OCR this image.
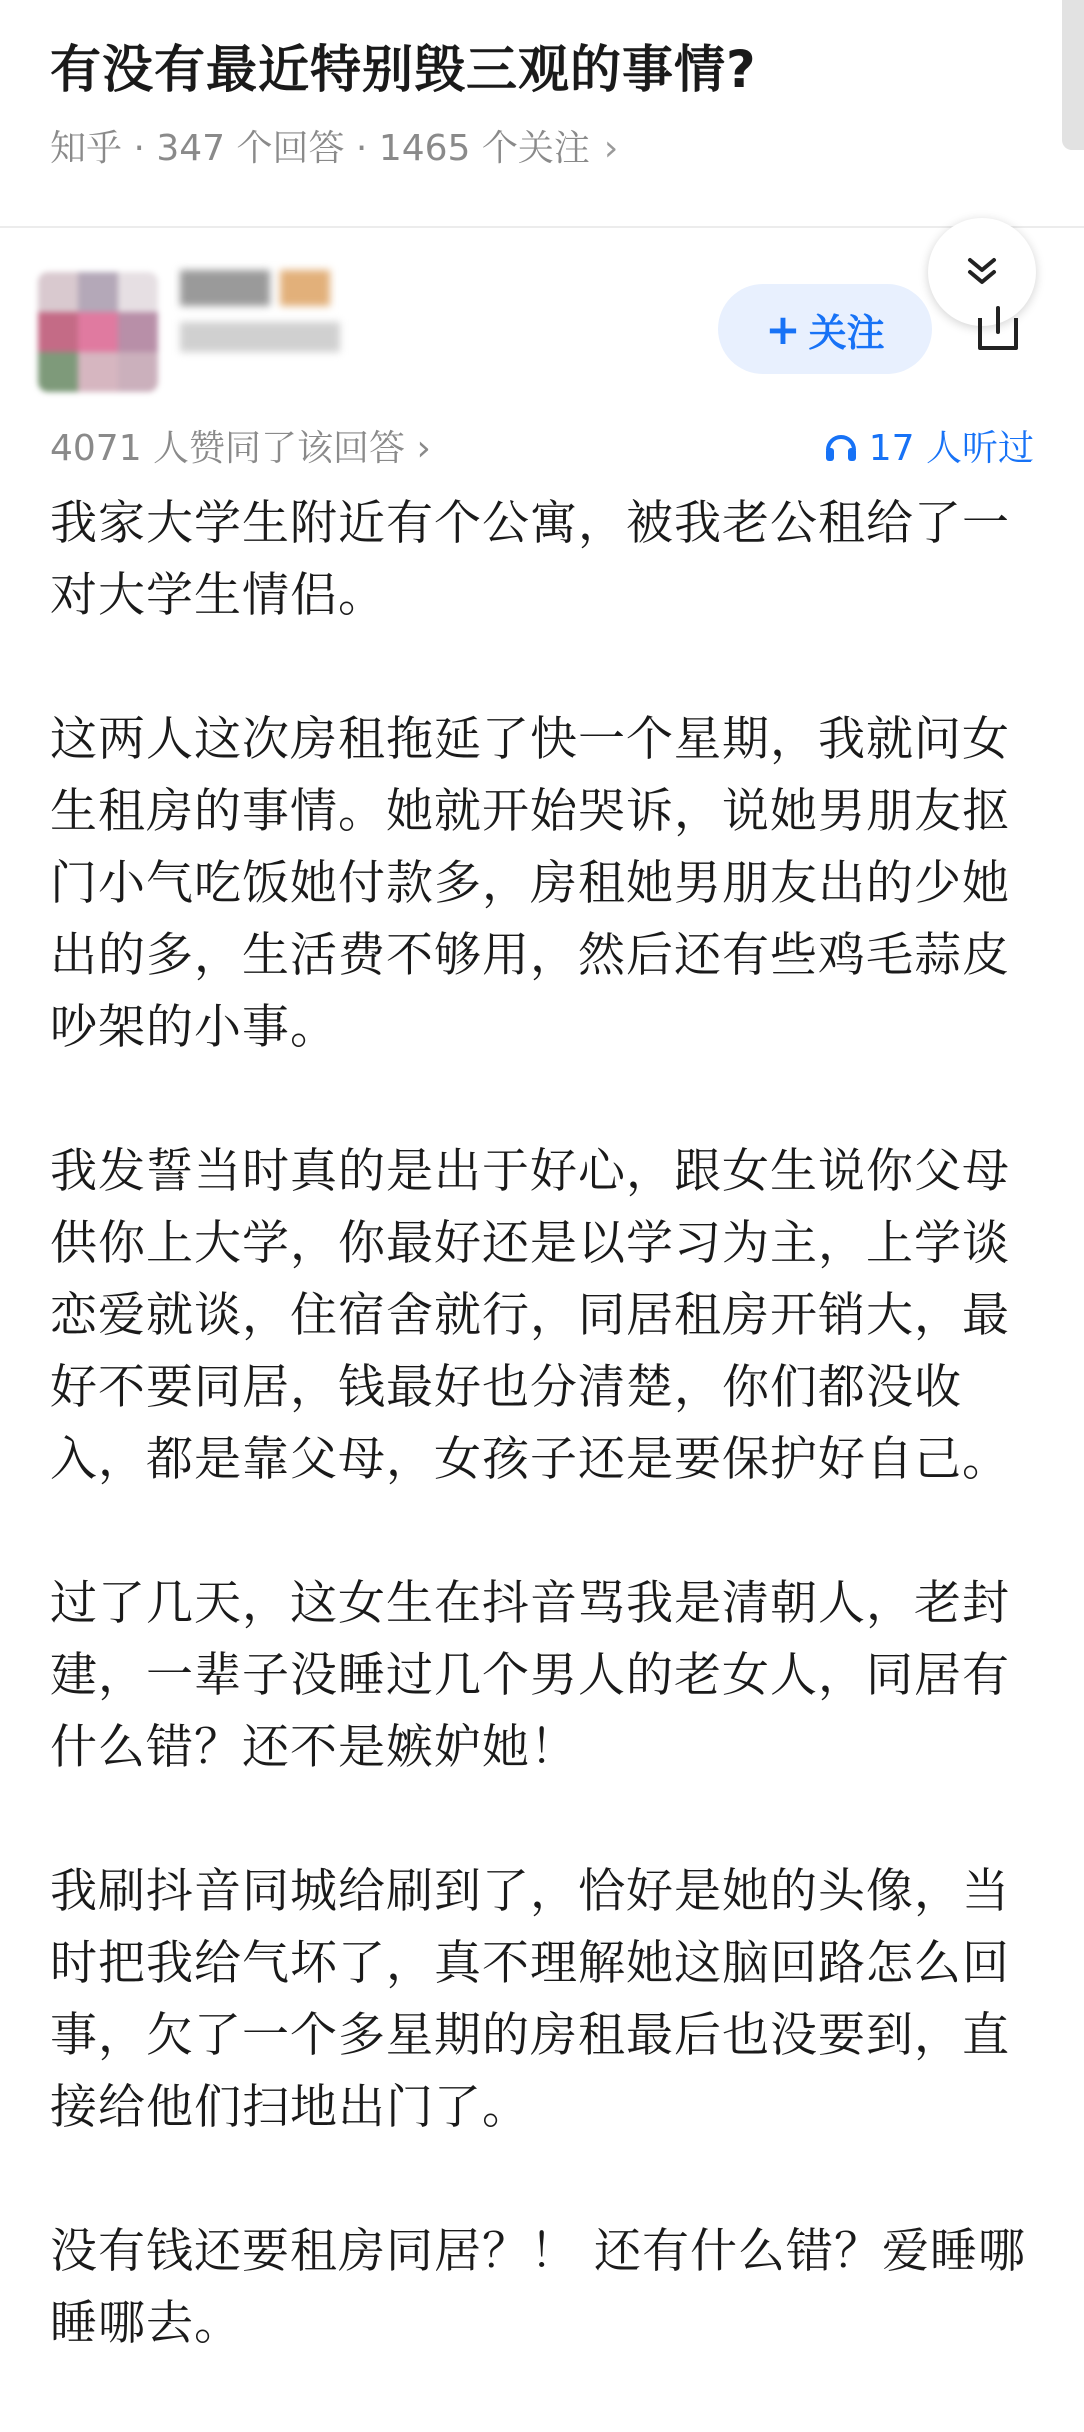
有没有最近特别毁三观的事情?
知乎 · 347 个回答 · 1465 个关注 ›
+ 关注
4071 人赞同了该回答 ›	17 人听过

我家大学生附近有个公寓，被我老公租给了一对大学生情侣。

这两人这次房租拖延了快一个星期，我就问女生租房的事情。她就开始哭诉，说她男朋友抠门小气吃饭她付款多，房租她男朋友出的少她出的多，生活费不够用，然后还有些鸡毛蒜皮吵架的小事。

我发誓当时真的是出于好心，跟女生说你父母供你上大学，你最好还是以学习为主，上学谈恋爱就谈，住宿舍就行，同居租房开销大，最好不要同居，钱最好也分清楚，你们都没收入，都是靠父母，女孩子还是要保护好自己。

过了几天，这女生在抖音骂我是清朝人，老封建，一辈子没睡过几个男人的老女人，同居有什么错？还不是嫉妒她！

我刷抖音同城给刷到了，恰好是她的头像，当时把我给气坏了，真不理解她这脑回路怎么回事，欠了一个多星期的房租最后也没要到，直接给他们扫地出门了。

没有钱还要租房同居？！ 还有什么错？爱睡哪睡哪去。
